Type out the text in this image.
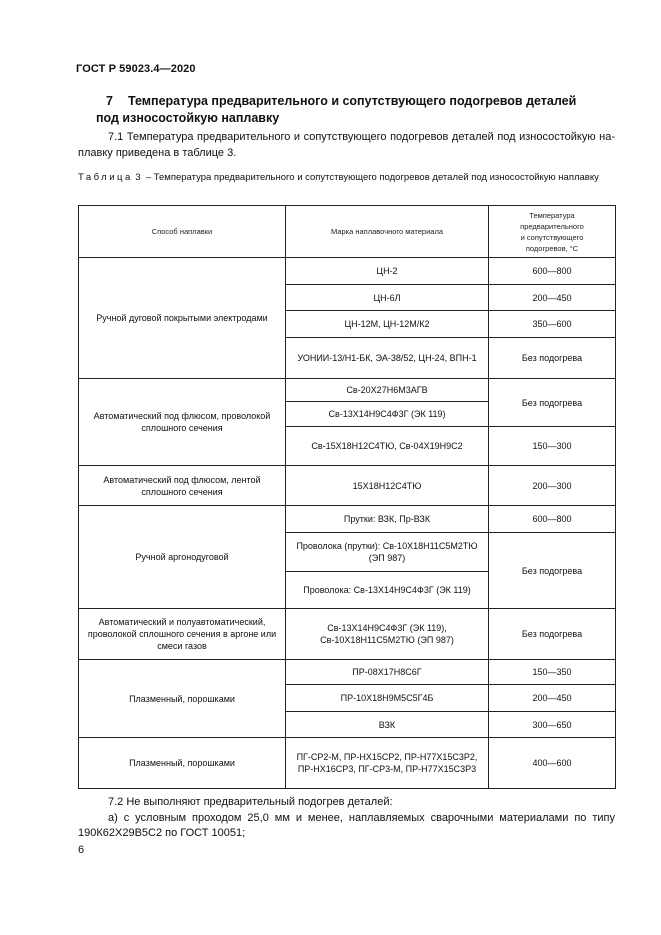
ГОСТ Р 59023.4—2020
7 Температура предварительного и сопутствующего подогревов деталей
под износостойкую наплавку
7.1 Температура предварительного и сопутствующего подогревов деталей под износостойкую на-плавку приведена в таблице 3.
Таблица 3 – Температура предварительного и сопутствующего подогревов деталей под износостойкую наплавку
Способ наплавки	Марка наплавочного материала	Температура
предварительного
и сопутствующего
подогревов, °С
Ручной дуговой покрытыми электродами	ЦН-2	600—800
	ЦН-6Л	200—450
	ЦН-12М, ЦН-12М/К2	350—600
	УОНИИ-13/Н1-БК, ЭА-38/52, ЦН-24, ВПН-1	Без подогрева
Автоматический под флюсом, проволокой сплошного сечения	Св-20Х27Н6М3АГВ	Без подогрева
	Св-13Х14Н9С4Ф3Г (ЭК 119)	
	Св-15Х18Н12С4ТЮ, Св-04Х19Н9С2	150—300
Автоматический под флюсом, лентой сплошного сечения	15Х18Н12С4ТЮ	200—300
Ручной аргонодуговой	Прутки: ВЗК, Пр-ВЗК	600—800
	Проволока (прутки): Св-10Х18Н11С5М2ТЮ (ЭП 987)	Без подогрева
	Проволока: Св-13Х14Н9С4Ф3Г (ЭК 119)	
Автоматический и полуавтоматический, проволокой сплошного сечения в аргоне или смеси газов	Св-13Х14Н9С4Ф3Г (ЭК 119), Св-10Х18Н11С5М2ТЮ (ЭП 987)	Без подогрева
Плазменный, порошками	ПР-08Х17Н8С6Г	150—350
	ПР-10Х18Н9М5С5Г4Б	200—450
	ВЗК	300—650
Плазменный, порошками	ПГ-СР2-М, ПР-НХ15СР2, ПР-Н77Х15С3Р2, ПР-НХ16СР3, ПГ-СР3-М, ПР-Н77Х15С3Р3	400—600
7.2 Не выполняют предварительный подогрев деталей:
а) с условным проходом 25,0 мм и менее, наплавляемых сварочными материалами по типу 190К62Х29В5С2 по ГОСТ 10051;
6
